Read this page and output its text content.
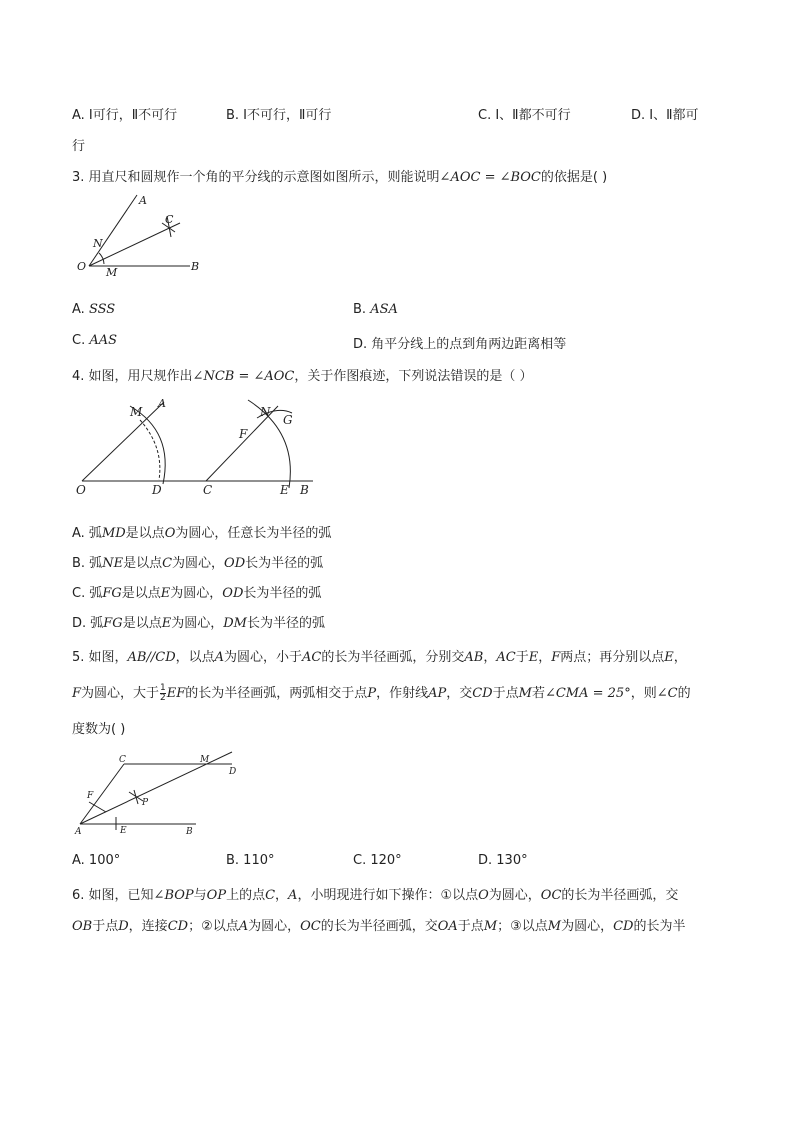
A. Ⅰ可行，Ⅱ不可行	B. Ⅰ不可行，Ⅱ可行	C. Ⅰ、Ⅱ都不可行	D. Ⅰ、Ⅱ都可
行
3. 用直尺和圆规作一个角的平分线的示意图如图所示，则能说明∠AOC = ∠BOC的依据是( )
A
C
N
O M	B
A. SSS	B. ASA
C. AAS	D. 角平分线上的点到角两边距离相等
4. 如图，用尺规作出∠NCB = ∠AOC，关于作图痕迹，下列说法错误的是（ ）
M
A
N
G
F
O	D	C	E B
A. 弧MD是以点O为圆心，任意长为半径的弧
B. 弧NE是以点C为圆心，OD长为半径的弧
C. 弧FG是以点E为圆心，OD长为半径的弧
D. 弧FG是以点E为圆心，DM长为半径的弧
5. 如图，AB//CD，以点A为圆心，小于AC的长为半径画弧，分别交AB，AC于E，F两点；再分别以点E，
F为圆心，大于 $\frac{1}{2}$ EF的长为半径画弧，两弧相交于点P，作射线AP，交CD于点M若∠CMA = 25°，则∠C的
度数为( )
C	M
D
F
P
A	E	B
A. 100°	B. 110°	C. 120°	D. 130°
6. 如图，已知∠BOP与OP上的点C，A，小明现进行如下操作：①以点O为圆心，OC的长为半径画弧，交
OB于点D，连接CD；②以点A为圆心，OC的长为半径画弧，交OA于点M；③以点M为圆心，CD的长为半
